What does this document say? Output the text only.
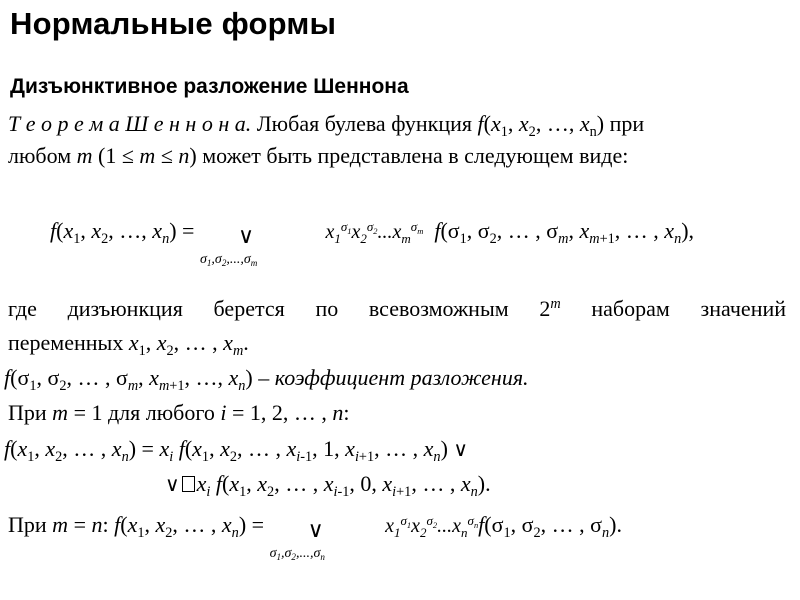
Нормальные формы
Дизъюнктивное разложение Шеннона
Т е о р е м а Ш е н н о н а. Любая булева функция $f(x_1$, $x_2$, …, $x_n$) при
любом m (1 ≤ m ≤ n) может быть представлена в следующем виде:
$f(x_1$, $x_2$, …, $x_n$) = ∨
$\sigma_1,\sigma_2,...,\sigma_m$
$x_1^{\sigma_1}x_2^{\sigma_2}...x_m^{\sigma_m}$ $f(\sigma_1$, $\sigma_2$, … , $\sigma_m$, $x_{m+1}$, … , $x_n$),
где дизъюнкция берется по всевозможным 2$^m$ наборам значений
переменных $x_1$, $x_2$, … , $x_m$.
$f(\sigma_1$, $\sigma_2$, … , $\sigma_m$, $x_{m+1}$, …, $x_n$) – коэффициент разложения.
При m = 1 для любого i = 1, 2, … , n:
$f(x_1$, $x_2$, … , $x_n) = x_i$ $f(x_1$, $x_2$, … , $x_{i-1}$, 1, $x_{i+1}$, … , $x_n$) ∨
∨ $x_i$ $f(x_1$, $x_2$, … , $x_{i-1}$, 0, $x_{i+1}$, … , $x_n$).
При m = n: $f(x_1$, $x_2$, … , $x_n$) = ∨
$\sigma_1,\sigma_2,...,\sigma_n$
$x_1^{\sigma_1}x_2^{\sigma_2}...x_n^{\sigma_n}f(\sigma_1$, $\sigma_2$, … , $\sigma_n$).
